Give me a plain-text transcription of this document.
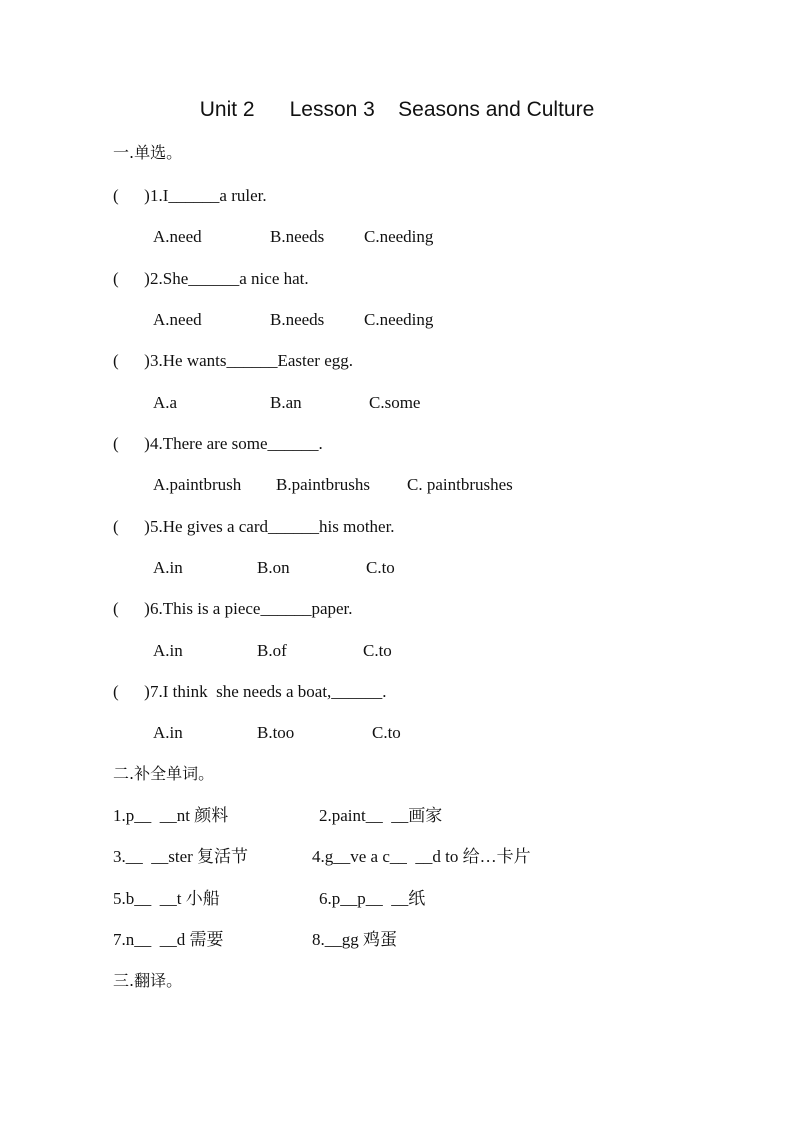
Unit 2      Lesson 3    Seasons and Culture
一.单选。
(      ) 1.I______a ruler.
A.need	B.needs C.needing
(      ) 2.She______a nice hat.
A.need	B.needs C.needing
(      ) 3.He wants______Easter egg.
A.a	B.an	C.some
(      ) 4.There are some______.
A.paintbrush B.paintbrushs C. paintbrushes
(      ) 5.He gives a card______his mother.
A.in	B.on	C.to
(      ) 6.This is a piece______paper.
A.in	B.of	C.to
(      ) 7.I think  she needs a boat,______.
A.in	B.too	C.to
二.补全单词。
1.p__  __nt 颜料	2.paint__  __画家
3.__  __ster 复活节	4.g__ve a c__  __d to 给…卡片
5.b__  __t 小船	6.p__p__  __纸
7.n__  __d 需要	8.__gg 鸡蛋
三.翻译。
